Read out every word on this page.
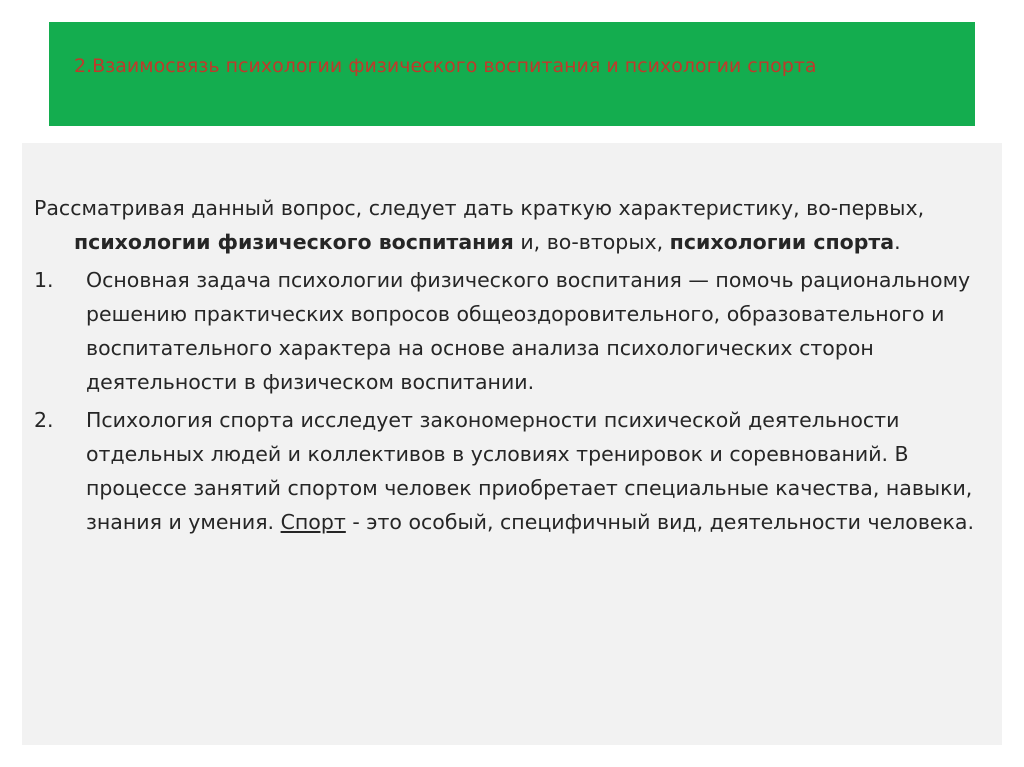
2.Взаимосвязь психологии физического воспитания и психологии спорта

Рассматривая данный вопрос, следует дать краткую характеристику, во-первых, психологии физического воспитания и, во-вторых, психологии спорта.

1. Основная задача психологии физического воспитания — помочь рациональному решению практических вопросов общеоздоровительного, образовательного и воспитательного характера на основе анализа психологических сторон деятельности в физическом воспитании.
2. Психология спорта исследует закономерности психической деятельности отдельных людей и коллективов в условиях тренировок и соревнований. В процессе занятий спортом человек приобретает специальные качества, навыки, знания и умения. Спорт - это особый, специфичный вид, деятельности человека.
